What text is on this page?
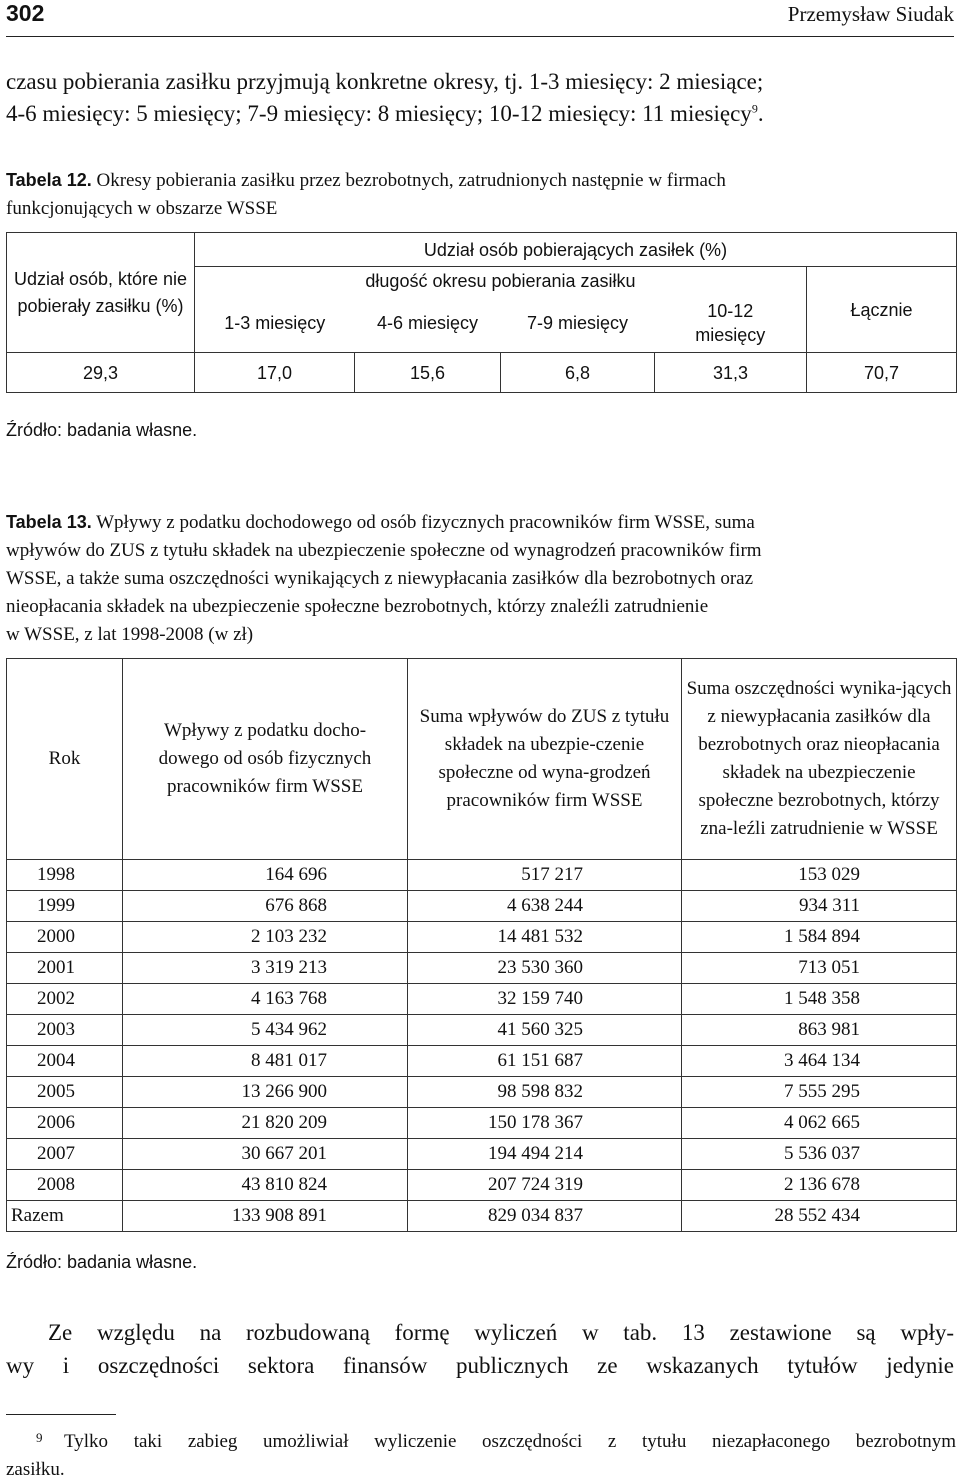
302	Przemysław Siudak
czasu pobierania zasiłku przyjmują konkretne okresy, tj. 1-3 miesięcy: 2 miesiące;
4-6 miesięcy: 5 miesięcy; 7-9 miesięcy: 8 miesięcy; 10-12 miesięcy: 11 miesięcy$^9$.
Tabela 12. Okresy pobierania zasiłku przez bezrobotnych, zatrudnionych następnie w firmach
funkcjonujących w obszarze WSSE
Udział osób, które nie pobierały zasiłku (%)	Udział osób pobierających zasiłek (%)				
	długość okresu pobierania zasiłku				Łącznie
	1-3 miesięcy	4-6 miesięcy	7-9 miesięcy	10-12 miesięcy	
29,3	17,0	15,6	6,8	31,3	70,7
Źródło: badania własne.
Tabela 13. Wpływy z podatku dochodowego od osób fizycznych pracowników firm WSSE, suma
wpływów do ZUS z tytułu składek na ubezpieczenie społeczne od wynagrodzeń pracowników firm
WSSE, a także suma oszczędności wynikających z niewypłacania zasiłków dla bezrobotnych oraz
nieopłacania składek na ubezpieczenie społeczne bezrobotnych, którzy znaleźli zatrudnienie
w WSSE, z lat 1998-2008 (w zł)
Rok	Wpływy z podatku docho-dowego od osób fizycznych pracowników firm WSSE	Suma wpływów do ZUS z tytułu składek na ubezpie-czenie społeczne od wyna-grodzeń pracowników firm WSSE	Suma oszczędności wynika-jących z niewypłacania zasiłków dla bezrobotnych oraz nieopłacania składek na ubezpieczenie społeczne bezrobotnych, którzy zna-leźli zatrudnienie w WSSE
1998	164 696	517 217	153 029
1999	676 868	4 638 244	934 311
2000	2 103 232	14 481 532	1 584 894
2001	3 319 213	23 530 360	713 051
2002	4 163 768	32 159 740	1 548 358
2003	5 434 962	41 560 325	863 981
2004	8 481 017	61 151 687	3 464 134
2005	13 266 900	98 598 832	7 555 295
2006	21 820 209	150 178 367	4 062 665
2007	30 667 201	194 494 214	5 536 037
2008	43 810 824	207 724 319	2 136 678
Razem	133 908 891	829 034 837	28 552 434
Źródło: badania własne.
Ze względu na rozbudowaną formę wyliczeń w tab. 13 zestawione są wpły-
wy i oszczędności sektora finansów publicznych ze wskazanych tytułów jedynie
9 Tylko taki zabieg umożliwiał wyliczenie oszczędności z tytułu niezapłaconego bezrobotnym
zasiłku.
